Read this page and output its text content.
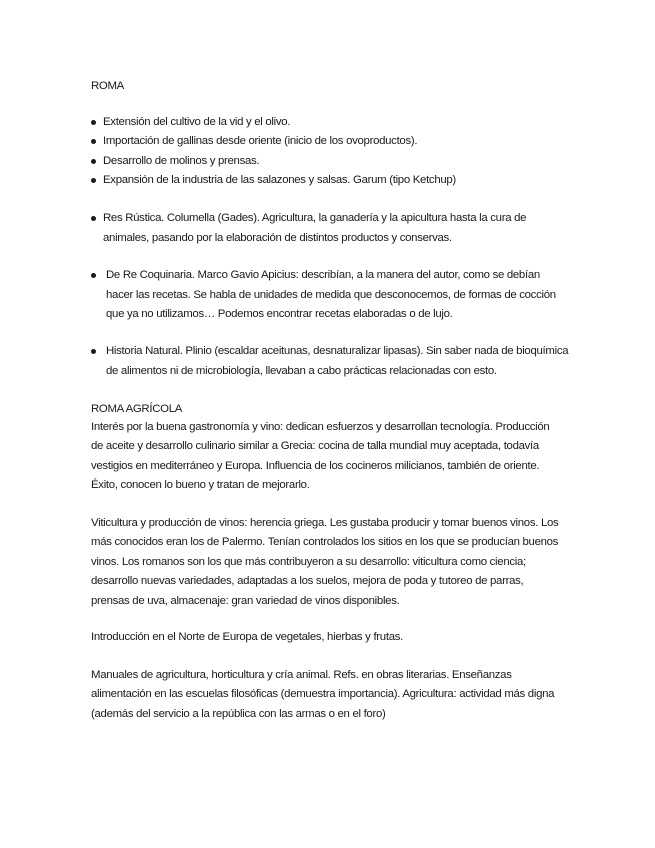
ROMA
Extensión del cultivo de la vid y el olivo.
Importación de gallinas desde oriente (inicio de los ovoproductos).
Desarrollo de molinos y prensas.
Expansión de la industria de las salazones y salsas. Garum (tipo Ketchup)
Res Rústica. Columella (Gades). Agricultura, la ganadería y la apicultura hasta la cura de animales, pasando por la elaboración de distintos productos y conservas.
De Re Coquinaria. Marco Gavio Apicius: describían, a la manera del autor, como se debían hacer las recetas. Se habla de unidades de medida que desconocemos, de formas de cocción que ya no utilizamos… Podemos encontrar recetas elaboradas o de lujo.
Historia Natural. Plinio (escaldar aceitunas, desnaturalizar lipasas). Sin saber nada de bioquímica de alimentos ni de microbiología, llevaban a cabo prácticas relacionadas con esto.
ROMA AGRÍCOLA
Interés por la buena gastronomía y vino: dedican esfuerzos y desarrollan tecnología. Producción de aceite y desarrollo culinario similar a Grecia: cocina de talla mundial muy aceptada, todavía vestigios en mediterráneo y Europa. Influencia de los cocineros milicianos, también de oriente. Éxito, conocen lo bueno y tratan de mejorarlo.
Viticultura y producción de vinos: herencia griega. Les gustaba producir y tomar buenos vinos. Los más conocidos eran los de Palermo. Tenían controlados los sitios en los que se producían buenos vinos. Los romanos son los que más contribuyeron a su desarrollo: viticultura como ciencia; desarrollo nuevas variedades, adaptadas a los suelos, mejora de poda y tutoreo de parras, prensas de uva, almacenaje: gran variedad de vinos disponibles.
Introducción en el Norte de Europa de vegetales, hierbas y frutas.
Manuales de agricultura, horticultura y cría animal. Refs. en obras literarias. Enseñanzas alimentación en las escuelas filosóficas (demuestra importancia). Agricultura: actividad más digna (además del servicio a la república con las armas o en el foro)
